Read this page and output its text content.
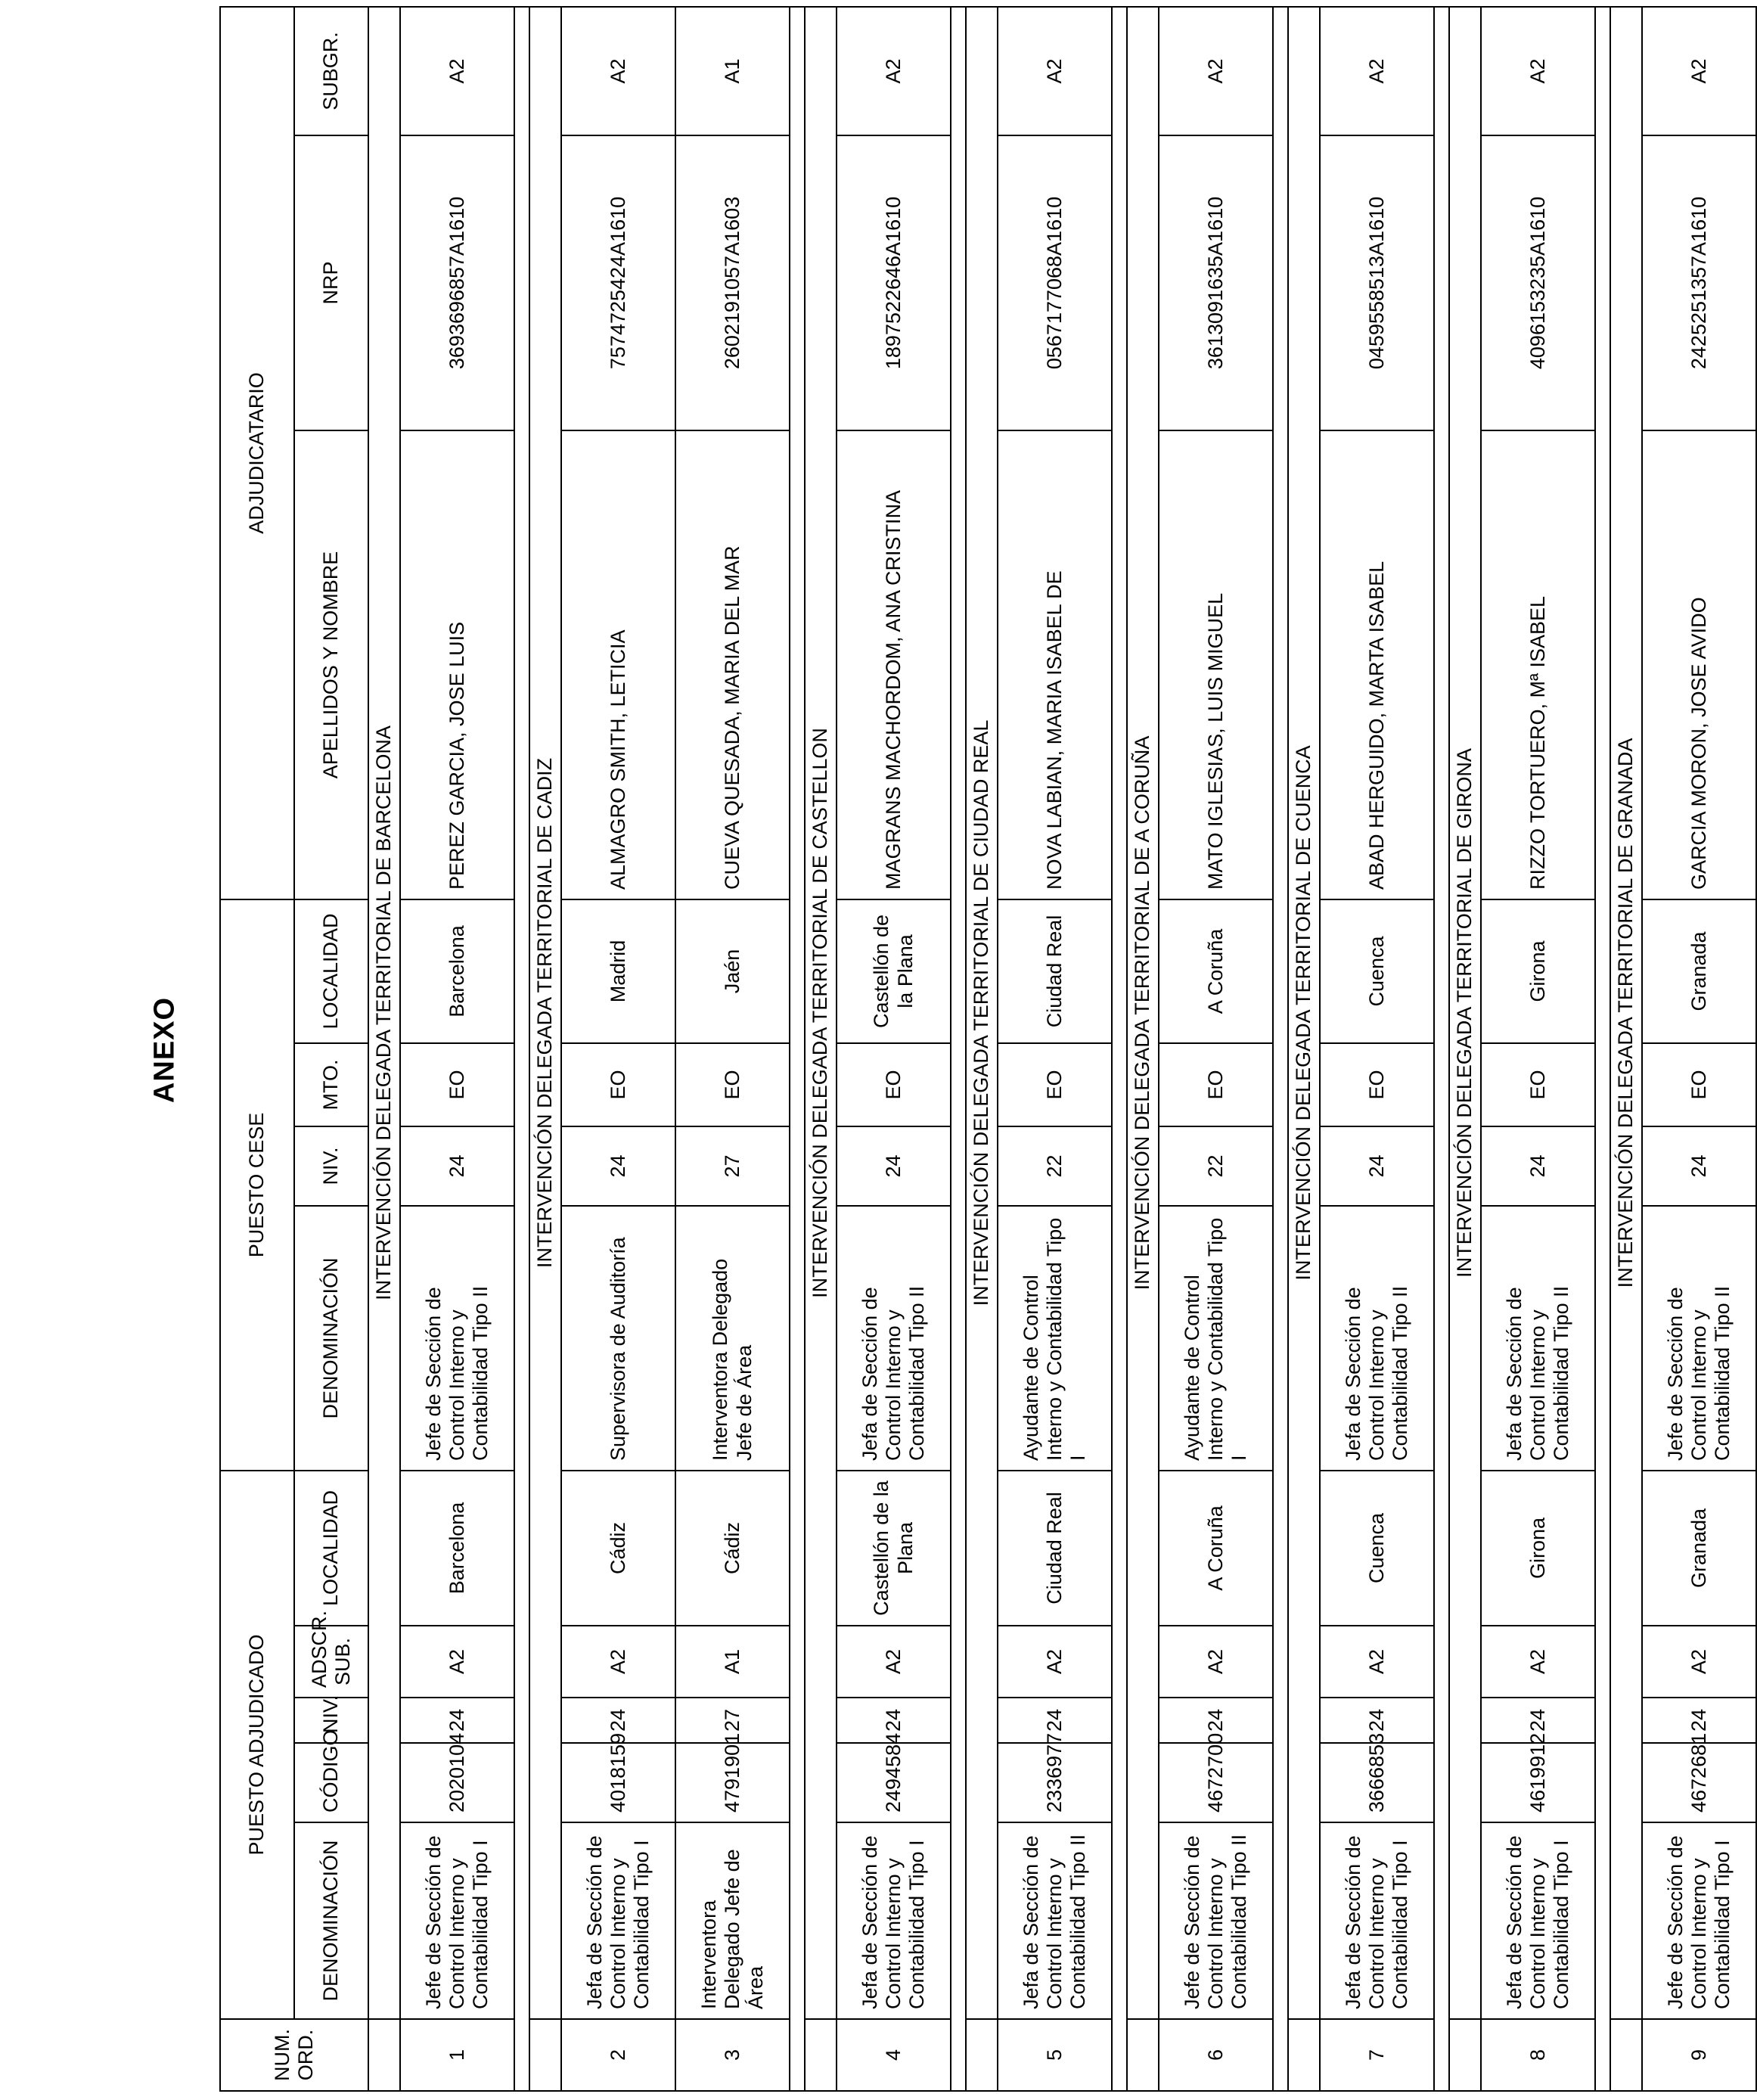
ANEXO
NUM. ORD.	PUESTO ADJUDICADO					PUESTO CESE				ADJUDICATARIO		
	DENOMINACIÓN	CÓDIGO	NIV.	ADSCR. SUB.	LOCALIDAD	DENOMINACIÓN	NIV.	MTO.	LOCALIDAD	APELLIDOS Y NOMBRE	NRP	SUBGR.
	INTERVENCIÓN DELEGADA TERRITORIAL DE BARCELONA											
1	Jefe de Sección de Control Interno y Contabilidad Tipo I	2020104	24	A2	Barcelona	Jefe de Sección de Control Interno y Contabilidad Tipo II	24	EO	Barcelona	PEREZ GARCIA, JOSE LUIS	3693696857A1610	A2

	INTERVENCIÓN DELEGADA TERRITORIAL DE CADIZ											
2	Jefa de Sección de Control Interno y Contabilidad Tipo I	4018159	24	A2	Cádiz	Supervisora de Auditoría	24	EO	Madrid	ALMAGRO SMITH, LETICIA	7574725424A1610	A2
3	Interventora Delegado Jefe de Área	4791901	27	A1	Cádiz	Interventora Delegado Jefe de Área	27	EO	Jaén	CUEVA QUESADA, MARIA DEL MAR	2602191057A1603	A1

	INTERVENCIÓN DELEGADA TERRITORIAL DE CASTELLON											
4	Jefa de Sección de Control Interno y Contabilidad Tipo I	2494584	24	A2	Castellón de la Plana	Jefa de Sección de Control Interno y Contabilidad Tipo II	24	EO	Castellón de la Plana	MAGRANS MACHORDOM, ANA CRISTINA	1897522646A1610	A2

	INTERVENCIÓN DELEGADA TERRITORIAL DE CIUDAD REAL											
5	Jefa de Sección de Control Interno y Contabilidad Tipo II	2336977	24	A2	Ciudad Real	Ayudante de Control Interno y Contabilidad Tipo I	22	EO	Ciudad Real	NOVA LABIAN, MARIA ISABEL DE	0567177068A1610	A2

	INTERVENCIÓN DELEGADA TERRITORIAL DE A CORUÑA											
6	Jefe de Sección de Control Interno y Contabilidad Tipo II	4672700	24	A2	A Coruña	Ayudante de Control Interno y Contabilidad Tipo I	22	EO	A Coruña	MATO IGLESIAS, LUIS MIGUEL	3613091635A1610	A2

	INTERVENCIÓN DELEGADA TERRITORIAL DE CUENCA											
7	Jefa de Sección de Control Interno y Contabilidad Tipo I	3666853	24	A2	Cuenca	Jefa de Sección de Control Interno y Contabilidad Tipo II	24	EO	Cuenca	ABAD HERGUIDO, MARTA ISABEL	0459558513A1610	A2

	INTERVENCIÓN DELEGADA TERRITORIAL DE GIRONA											
8	Jefa de Sección de Control Interno y Contabilidad Tipo I	4619912	24	A2	Girona	Jefa de Sección de Control Interno y Contabilidad Tipo II	24	EO	Girona	RIZZO TORTUERO, Mª ISABEL	4096153235A1610	A2

	INTERVENCIÓN DELEGADA TERRITORIAL DE GRANADA											
9	Jefe de Sección de Control Interno y Contabilidad Tipo I	4672681	24	A2	Granada	Jefe de Sección de Control Interno y Contabilidad Tipo II	24	EO	Granada	GARCIA MORON, JOSE AVIDO	2425251357A1610	A2
